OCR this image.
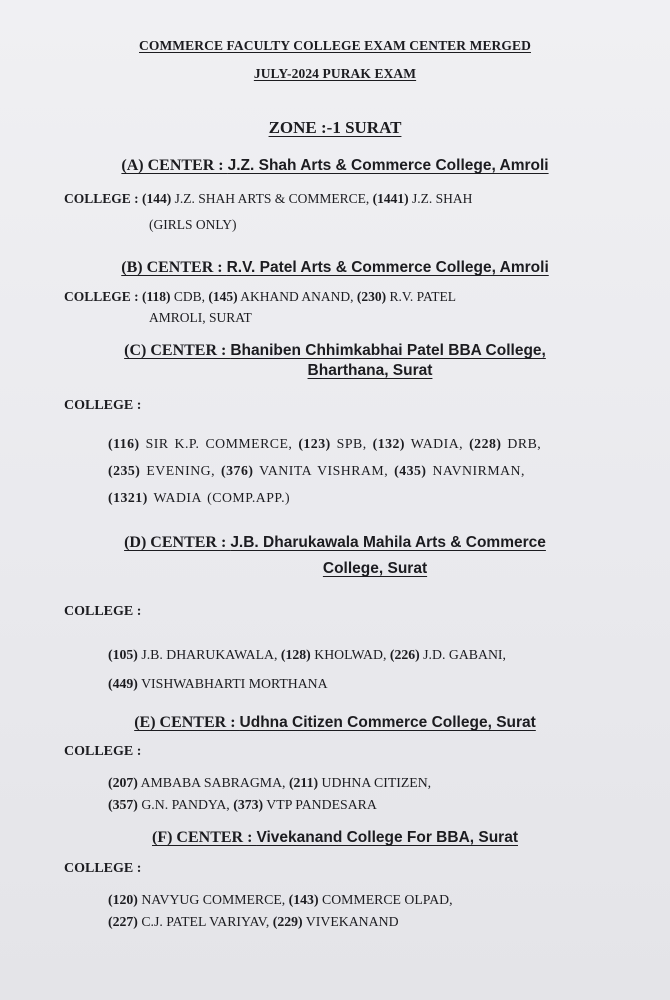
COMMERCE FACULTY COLLEGE EXAM CENTER MERGED
JULY-2024 PURAK EXAM
ZONE :-1 SURAT
(A) CENTER : J.Z. Shah Arts & Commerce College, Amroli
COLLEGE : (144) J.Z. SHAH ARTS & COMMERCE, (1441) J.Z. SHAH
(GIRLS ONLY)
(B) CENTER : R.V. Patel Arts & Commerce College, Amroli
COLLEGE : (118) CDB, (145) AKHAND ANAND, (230) R.V. PATEL
AMROLI, SURAT
(C) CENTER : Bhaniben Chhimkabhai Patel BBA College,
Bharthana, Surat
COLLEGE :
(116) SIR K.P. COMMERCE, (123) SPB, (132) WADIA, (228) DRB,
(235) EVENING, (376) VANITA VISHRAM, (435) NAVNIRMAN,
(1321) WADIA (COMP.APP.)
(D) CENTER : J.B. Dharukawala Mahila Arts & Commerce
College, Surat
COLLEGE :
(105) J.B. DHARUKAWALA, (128) KHOLWAD, (226) J.D. GABANI,
(449) VISHWABHARTI MORTHANA
(E) CENTER : Udhna Citizen Commerce College, Surat
COLLEGE :
(207) AMBABA SABRAGMA, (211) UDHNA CITIZEN,
(357) G.N. PANDYA, (373) VTP PANDESARA
(F) CENTER : Vivekanand College For BBA, Surat
COLLEGE :
(120) NAVYUG COMMERCE, (143) COMMERCE OLPAD,
(227) C.J. PATEL VARIYAV, (229) VIVEKANAND
